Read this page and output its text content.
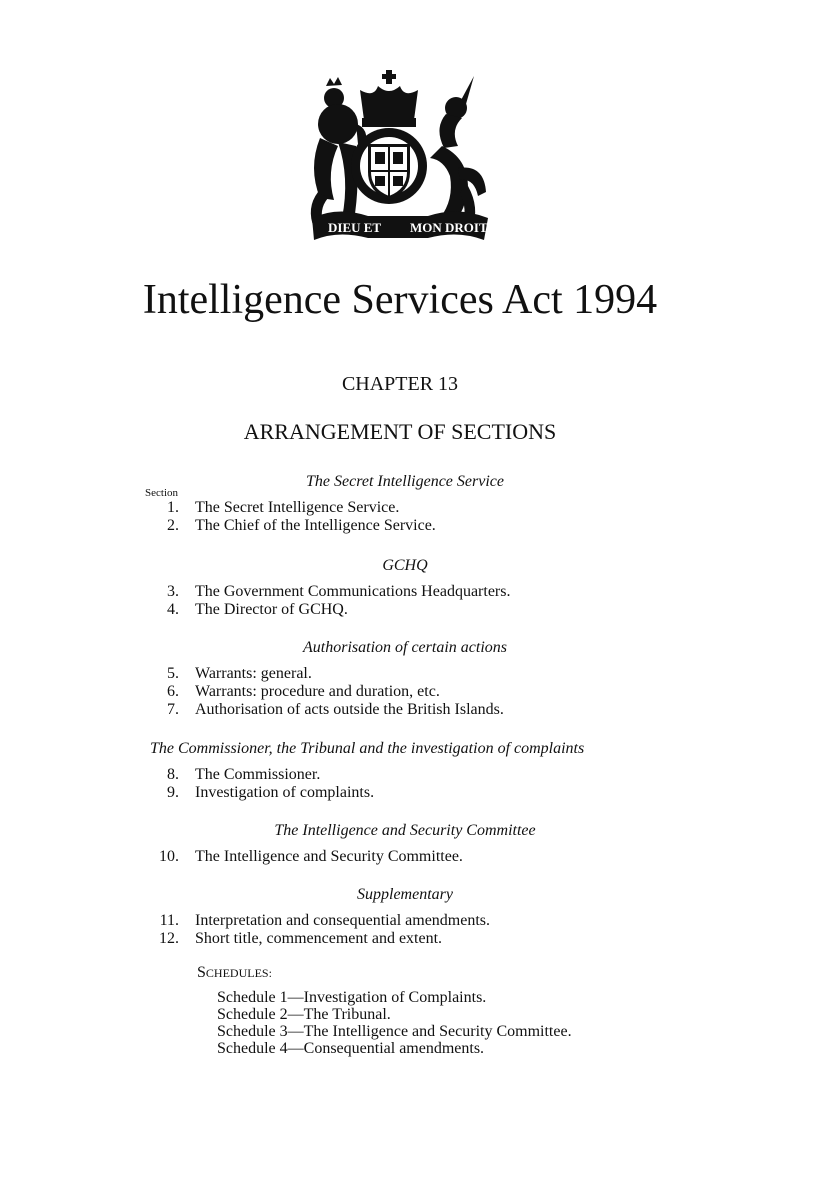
DIEU ET MON DROIT
Intelligence Services Act 1994
CHAPTER 13
ARRANGEMENT OF SECTIONS
The Secret Intelligence Service
Section
1. The Secret Intelligence Service.
2. The Chief of the Intelligence Service.
GCHQ
3. The Government Communications Headquarters.
4. The Director of GCHQ.
Authorisation of certain actions
5. Warrants: general.
6. Warrants: procedure and duration, etc.
7. Authorisation of acts outside the British Islands.
The Commissioner, the Tribunal and the investigation of complaints
8. The Commissioner.
9. Investigation of complaints.
The Intelligence and Security Committee
10. The Intelligence and Security Committee.
Supplementary
11. Interpretation and consequential amendments.
12. Short title, commencement and extent.
SCHEDULES:
Schedule 1—Investigation of Complaints.
Schedule 2—The Tribunal.
Schedule 3—The Intelligence and Security Committee.
Schedule 4—Consequential amendments.
